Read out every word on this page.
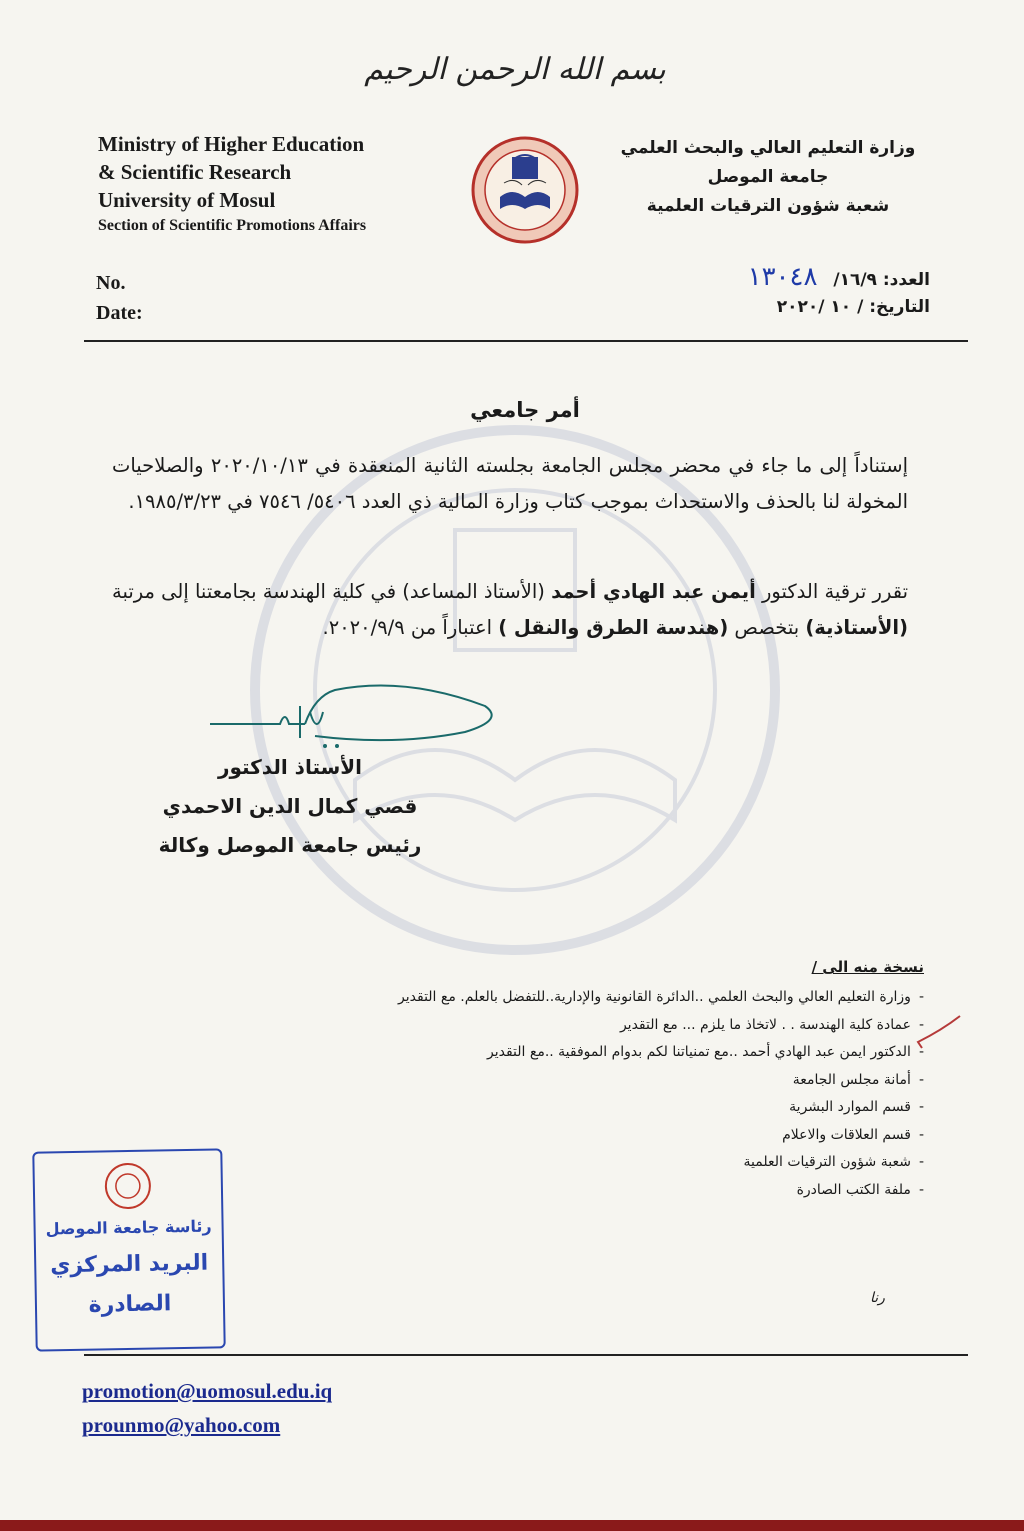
بسم الله الرحمن الرحيم
Ministry of Higher Education
& Scientific Research
University of Mosul
Section of Scientific Promotions Affairs
وزارة التعليم العالي والبحث العلمي
جامعة الموصل
شعبة شؤون الترقيات العلمية
No.
Date:
العدد: ١٦/٩/ ١٣٠٤٨
التاريخ: / ١٠ /٢٠٢٠
أمر جامعي
إستناداً إلى ما جاء في محضر مجلس الجامعة بجلسته الثانية المنعقدة في ٢٠٢٠/١٠/١٣ والصلاحيات المخولة لنا بالحذف والاستحداث بموجب كتاب وزارة المالية ذي العدد ٥٤٠٦/ ٧٥٤٦ في ١٩٨٥/٣/٢٣.
تقرر ترقية الدكتور أيمن عبد الهادي أحمد (الأستاذ المساعد) في كلية الهندسة بجامعتنا إلى مرتبة (الأستاذية) بتخصص (هندسة الطرق والنقل ) اعتباراً من ٢٠٢٠/٩/٩.
الأستاذ الدكتور
قصي كمال الدين الاحمدي
رئيس جامعة الموصل وكالة
نسخة منه الى /
-وزارة التعليم العالي والبحث العلمي ..الدائرة القانونية والإدارية..للتفضل بالعلم. مع التقدير
-عمادة كلية الهندسة . . لاتخاذ ما يلزم ... مع التقدير
-الدكتور ايمن عبد الهادي أحمد ..مع تمنياتنا لكم بدوام الموفقية ..مع التقدير
-أمانة مجلس الجامعة
-قسم الموارد البشرية
-قسم العلاقات والاعلام
-شعبة شؤون الترقيات العلمية
-ملفة الكتب الصادرة
رئاسة جامعة الموصل
البريد المركزي
الصادرة	رنا
promotion@uomosul.edu.iq
prounmo@yahoo.com
